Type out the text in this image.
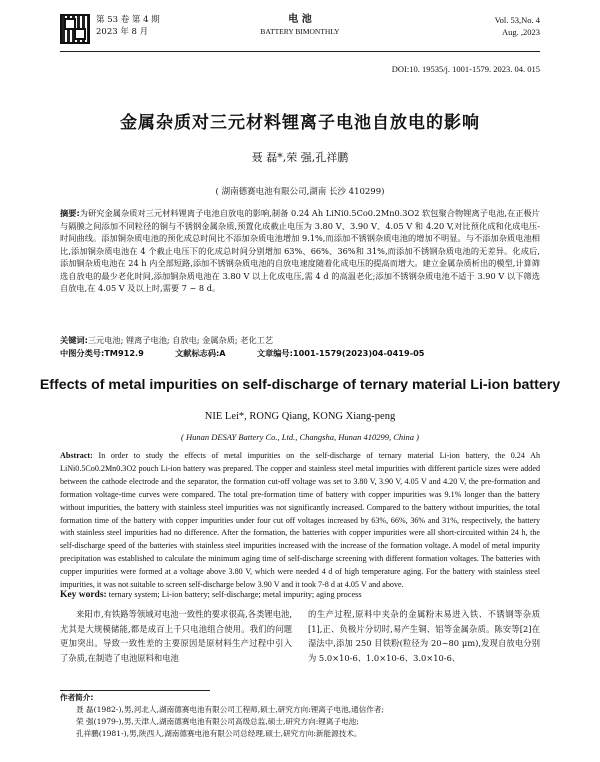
第 53 卷 第 4 期
2023 年 8 月
电 池
BATTERY BIMONTHLY
Vol. 53,No. 4
Aug. ,2023
DOI:10. 19535/j. 1001-1579. 2023. 04. 015
金属杂质对三元材料锂离子电池自放电的影响
聂 磊*,荣 强,孔祥鹏
( 湖南德赛电池有限公司,湖南 长沙 410299)
摘要:为研究金属杂质对三元材料锂离子电池自放电的影响,制备 0.24 Ah LiNi0.5Co0.2Mn0.3O2 软包聚合物锂离子电池,在正极片与隔膜之间添加不同粒径的铜与不锈钢金属杂质,预置化成截止电压为 3.80 V、3.90 V、4.05 V 和 4.20 V,对比预化成和化成电压-时间曲线。添加铜杂质电池的预化成总时间比不添加杂质电池增加 9.1%,而添加不锈钢杂质电池的增加不明显。与不添加杂质电池相比,添加铜杂质电池在 4 个截止电压下的化成总时间分别增加 63%、66%、36%和 31%,而添加不锈钢杂质电池的无差异。化成后,添加铜杂质电池在 24 h 内全部短路,添加不锈钢杂质电池的自放电速度随着化成电压的提高而增大。建立金属杂质析出的模型,计算筛选自放电的最少老化时间,添加铜杂质电池在 3.80 V 以上化成电压,需 4 d 的高温老化;添加不锈钢杂质电池不适于 3.90 V 以下筛选自放电,在 4.05 V 及以上时,需要 7 ~ 8 d。
关键词:三元电池; 锂离子电池; 自放电; 金属杂质; 老化工艺
中图分类号:TM912.9	文献标志码:A	文章编号:1001-1579(2023)04-0419-05
Effects of metal impurities on self-discharge of ternary material Li-ion battery
NIE Lei*, RONG Qiang, KONG Xiang-peng
( Hunan DESAY Battery Co., Ltd., Changsha, Hunan 410299, China )
Abstract: In order to study the effects of metal impurities on the self-discharge of ternary material Li-ion battery, the 0.24 Ah LiNi0.5Co0.2Mn0.3O2 pouch Li-ion battery was prepared. The copper and stainless steel metal impurities with different particle sizes were added between the cathode electrode and the separator, the formation cut-off voltage was set to 3.80 V, 3.90 V, 4.05 V and 4.20 V, the pre-formation and formation voltage-time curves were compared. The total pre-formation time of battery with copper impurities was 9.1% longer than the battery without impurities, the battery with stainless steel impurities was not significantly increased. Compared to the battery without impurities, the total formation time of the battery with copper impurities under four cut off voltages increased by 63%, 66%, 36% and 31%, respectively, the battery with stainless steel impurities had no difference. After the formation, the batteries with copper impurities were all short-circuited within 24 h, the self-discharge speed of the batteries with stainless steel impurities increased with the increase of the formation voltage. A model of metal impurity precipitation was established to calculate the minimum aging time of self-discharge screening with different formation voltages. The batteries with copper impurities were formed at a voltage above 3.80 V, which were needed 4 d of high temperature aging. For the battery with stainless steel impurities, it was not suitable to screen self-discharge below 3.90 V and it took 7-8 d at 4.05 V and above.
Key words: ternary system; Li-ion battery; self-discharge; metal impurity; aging process
来阳市,有铁路等领域对电池一致性的要求很高,各类锂电池,尤其是大规模储能,都是成百上千只电池组合使用。我们的问题更加突出。导致一致性差的主要原因是原材料生产过程中引入了杂质,在制造了电池原料和电池
的生产过程,原料中夹杂的金属粉末易进入铁、不锈钢等杂质[1],正、负极片分切时,易产生铜、铝等金属杂质。陈安等[2]在湿法中,添加 250 目铁粉(粒径为 20~80 μm),发现自放电分别为 5.0×10-6、1.0×10-6、3.0×10-6、
作者简介:
聂 磊(1982-),男,河北人,湖南德赛电池有限公司工程师,硕士,研究方向:锂离子电池,通信作者;
荣 强(1979-),男,天津人,湖南德赛电池有限公司高级总监,硕士,研究方向:锂离子电池;
孔祥鹏(1981-),男,陕西人,湖南德赛电池有限公司总经理,硕士,研究方向:新能源技术。
